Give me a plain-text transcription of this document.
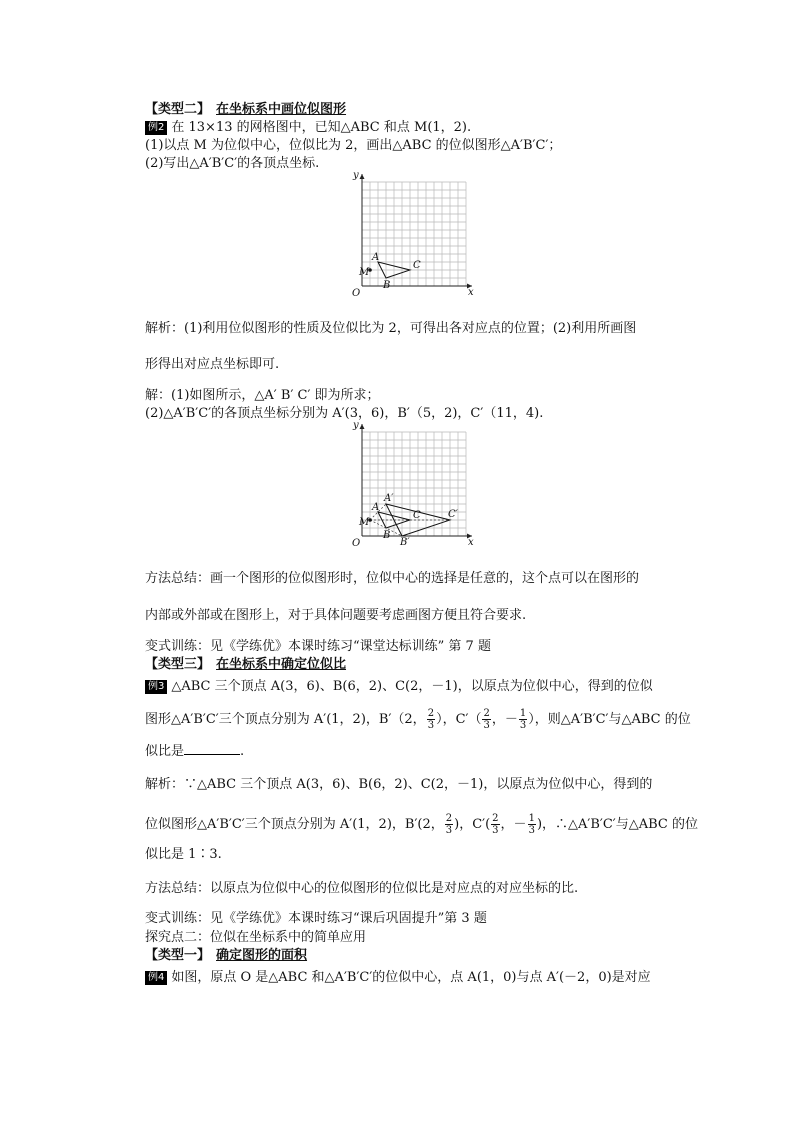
【类型二】 在坐标系中画位似图形
例2 在 13×13 的网格图中，已知△ABC 和点 M(1，2).
(1)以点 M 为位似中心，位似比为 2，画出△ABC 的位似图形△A′B′C′；
(2)写出△A′B′C′的各顶点坐标.
y
x
O
M
A
B
C
解析：(1)利用位似图形的性质及位似比为 2，可得出各对应点的位置；(2)利用所画图
形得出对应点坐标即可.
解：(1)如图所示，△A′ B′ C′ 即为所求；
(2)△A′B′C′的各顶点坐标分别为 A′(3，6)，B′（5，2)，C′（11，4).
y
x
O
M
A
B
C
A′
B′
C′
方法总结：画一个图形的位似图形时，位似中心的选择是任意的，这个点可以在图形的
内部或外部或在图形上，对于具体问题要考虑画图方便且符合要求.
变式训练：见《学练优》本课时练习“课堂达标训练” 第 7 题
【类型三】 在坐标系中确定位似比
例3 △ABC 三个顶点 A(3，6)、B(6，2)、C(2，－1)，以原点为位似中心，得到的位似
图形△A′B′C′三个顶点分别为 A′(1，2)，B′（2， $\frac{2}{3}$ ），$C'( \frac{2}{3}$ ，－ $\frac{1}{3}$ ），则△A′B′C′与△ABC 的位
似比是	.
解析：∵△ABC 三个顶点 A(3，6)、B(6，2)、C(2，－1)，以原点为位似中心，得到的
位似图形△A′B′C′三个顶点分别为 A′(1，2)，B′(2， $\frac{2}{3}$ )，$C'( \frac{2}{3}$ ，－ $\frac{1}{3}$ )，∴△A′B′C′与△ABC 的位
似比是 1∶3.
方法总结：以原点为位似中心的位似图形的位似比是对应点的对应坐标的比.
变式训练：见《学练优》本课时练习“课后巩固提升”第 3 题
探究点二：位似在坐标系中的简单应用
【类型一】 确定图形的面积
例4 如图，原点 O 是△ABC 和△A′B′C′的位似中心，点 A(1，0)与点 A′(－2，0)是对应
